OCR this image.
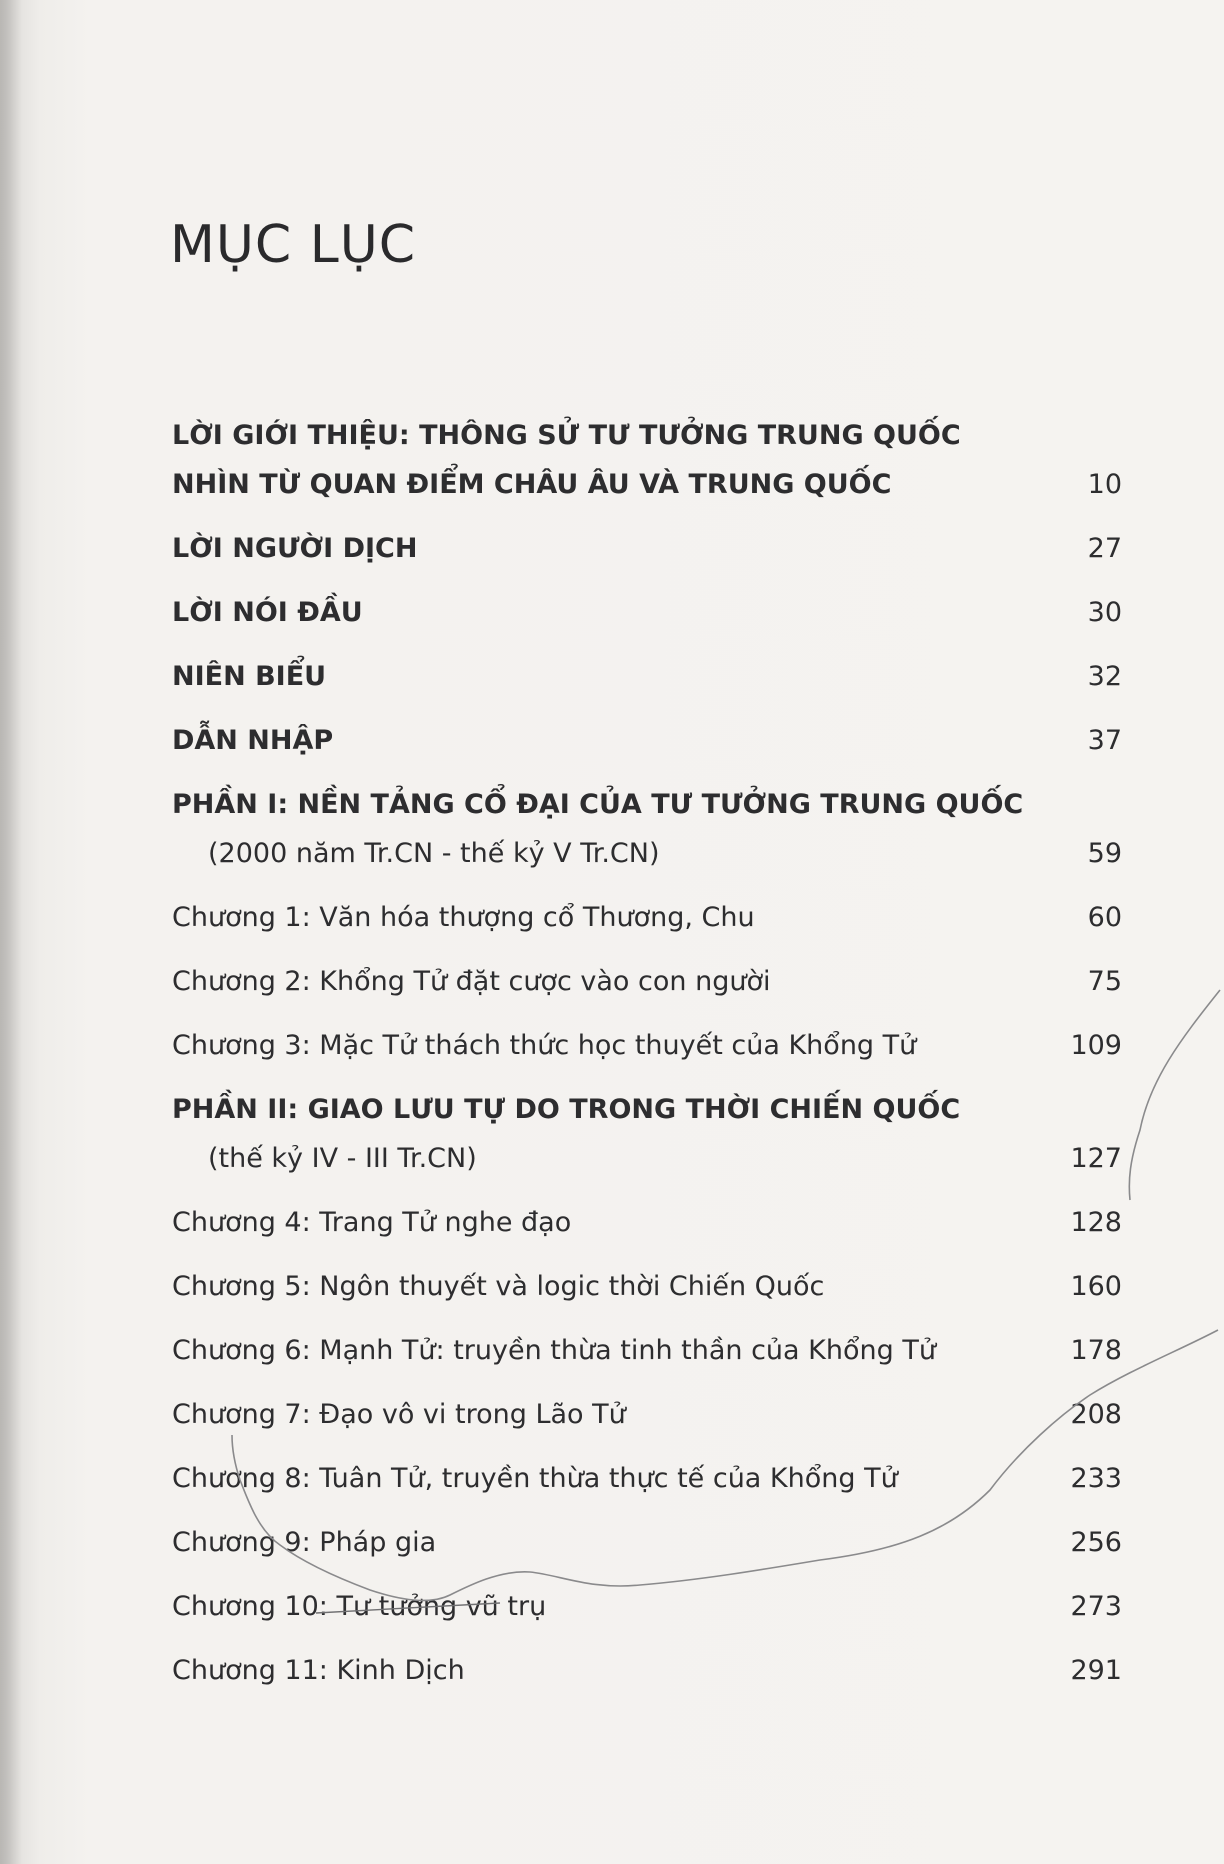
MỤC LỤC
LỜI GIỚI THIỆU: THÔNG SỬ TƯ TƯỞNG TRUNG QUỐC
NHÌN TỪ QUAN ĐIỂM CHÂU ÂU VÀ TRUNG QUỐC	10
LỜI NGƯỜI DỊCH	27
LỜI NÓI ĐẦU	30
NIÊN BIỂU	32
DẪN NHẬP	37
PHẦN I: NỀN TẢNG CỔ ĐẠI CỦA TƯ TƯỞNG TRUNG QUỐC
(2000 năm Tr.CN - thế kỷ V Tr.CN)	59
Chương 1: Văn hóa thượng cổ Thương, Chu	60
Chương 2: Khổng Tử đặt cược vào con người	75
Chương 3: Mặc Tử thách thức học thuyết của Khổng Tử	109
PHẦN II: GIAO LƯU TỰ DO TRONG THỜI CHIẾN QUỐC
(thế kỷ IV - III Tr.CN)	127
Chương 4: Trang Tử nghe đạo	128
Chương 5: Ngôn thuyết và logic thời Chiến Quốc	160
Chương 6: Mạnh Tử: truyền thừa tinh thần của Khổng Tử	178
Chương 7: Đạo vô vi trong Lão Tử	208
Chương 8: Tuân Tử, truyền thừa thực tế của Khổng Tử	233
Chương 9: Pháp gia	256
Chương 10: Tư tưởng vũ trụ	273
Chương 11: Kinh Dịch	291
